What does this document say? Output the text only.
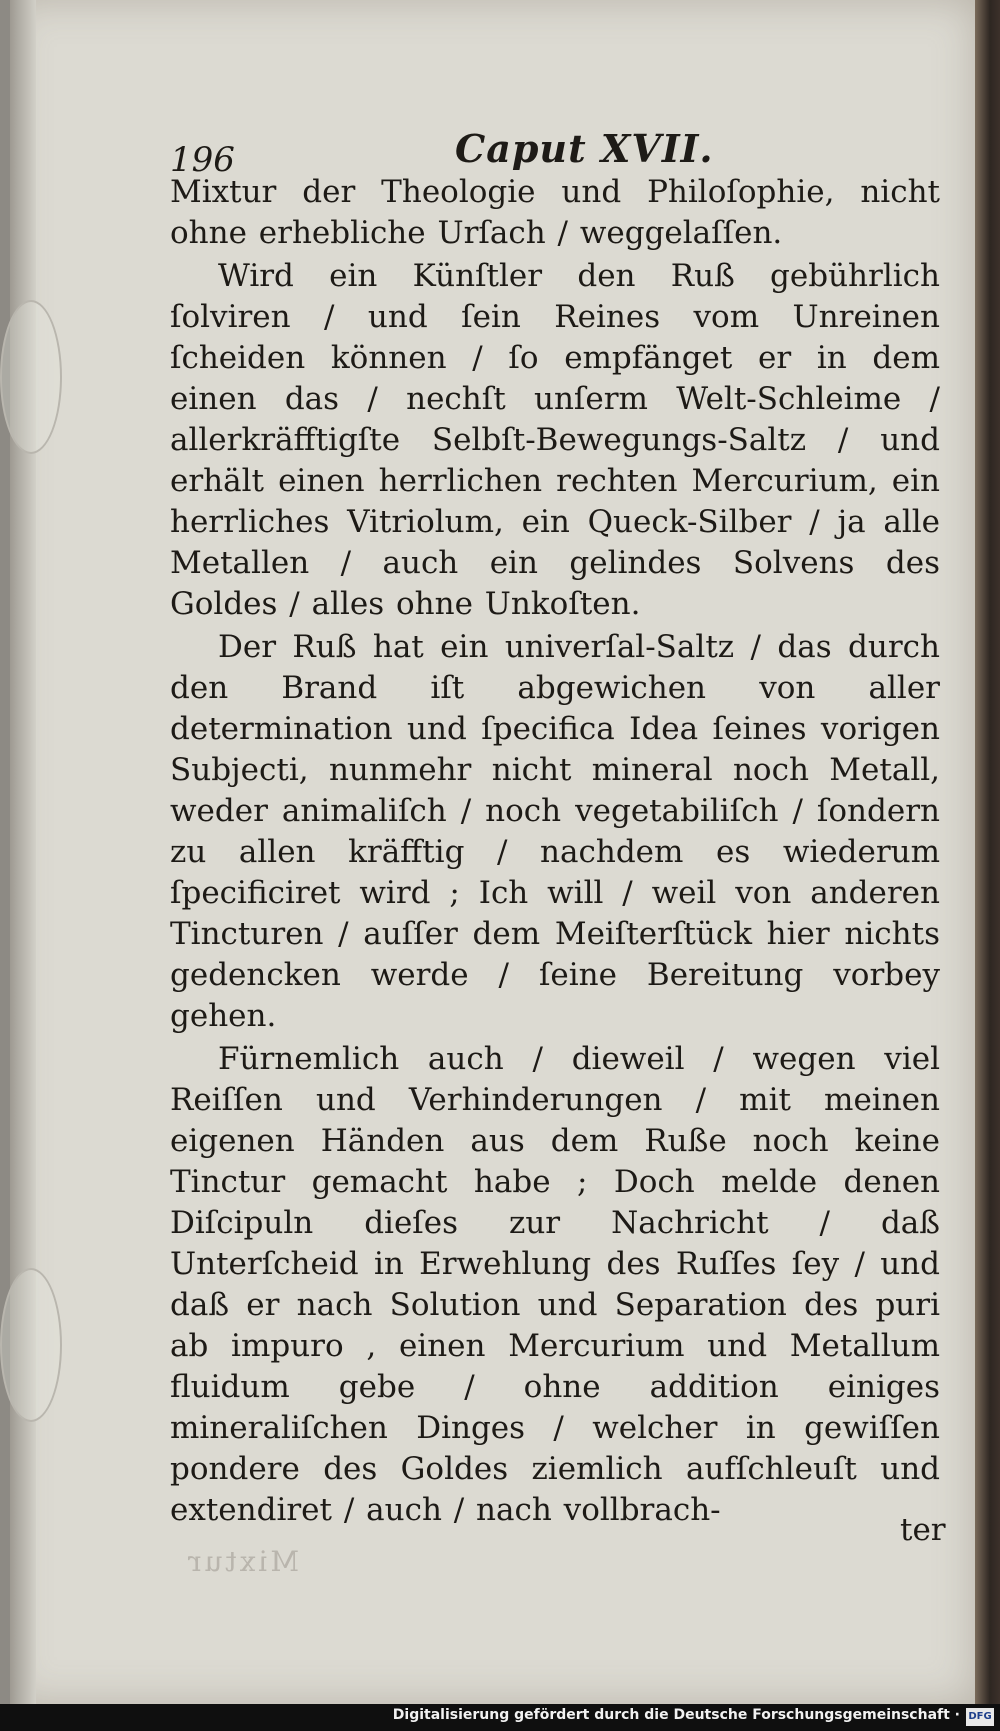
196	Caput XVII.

Mixtur der Theologie und Philoſophie, nicht ohne erhebliche Urſach / weggelaſſen.

Wird ein Künſtler den Ruß gebührlich ſolviren / und ſein Reines vom Unreinen ſcheiden können / ſo empfänget er in dem einen das / nechſt unſerm Welt-Schleime / allerkräfftigſte Selbſt-Bewegungs-Saltz / und erhält einen herrlichen rechten Mercurium, ein herrliches Vitriolum, ein Queck-Silber / ja alle Metallen / auch ein gelindes Solvens des Goldes / alles ohne Unkoſten.

Der Ruß hat ein univerſal-Saltz / das durch den Brand iſt abgewichen von aller determination und ſpecifica Idea ſeines vorigen Subjecti, nunmehr nicht mineral noch Metall, weder animaliſch / noch vegetabiliſch / ſondern zu allen kräfftig / nachdem es wiederum ſpecificiret wird ; Ich will / weil von anderen Tincturen / auſſer dem Meiſterſtück hier nichts gedencken werde / ſeine Bereitung vorbey gehen.

Fürnemlich auch / dieweil / wegen viel Reiſſen und Verhinderungen / mit meinen eigenen Händen aus dem Ruße noch keine Tinctur gemacht habe ; Doch melde denen Diſcipuln dieſes zur Nachricht / daß Unterſcheid in Erwehlung des Ruſſes ſey / und daß er nach Solution und Separation des puri ab impuro , einen Mercurium und Metallum fluidum gebe / ohne addition einiges mineraliſchen Dinges / welcher in gewiſſen pondere des Goldes ziemlich aufſchleuſt und extendiret / auch / nach vollbrach-

ter
Mixtur
Digitalisierung gefördert durch die Deutsche Forschungsgemeinschaft · DFG
